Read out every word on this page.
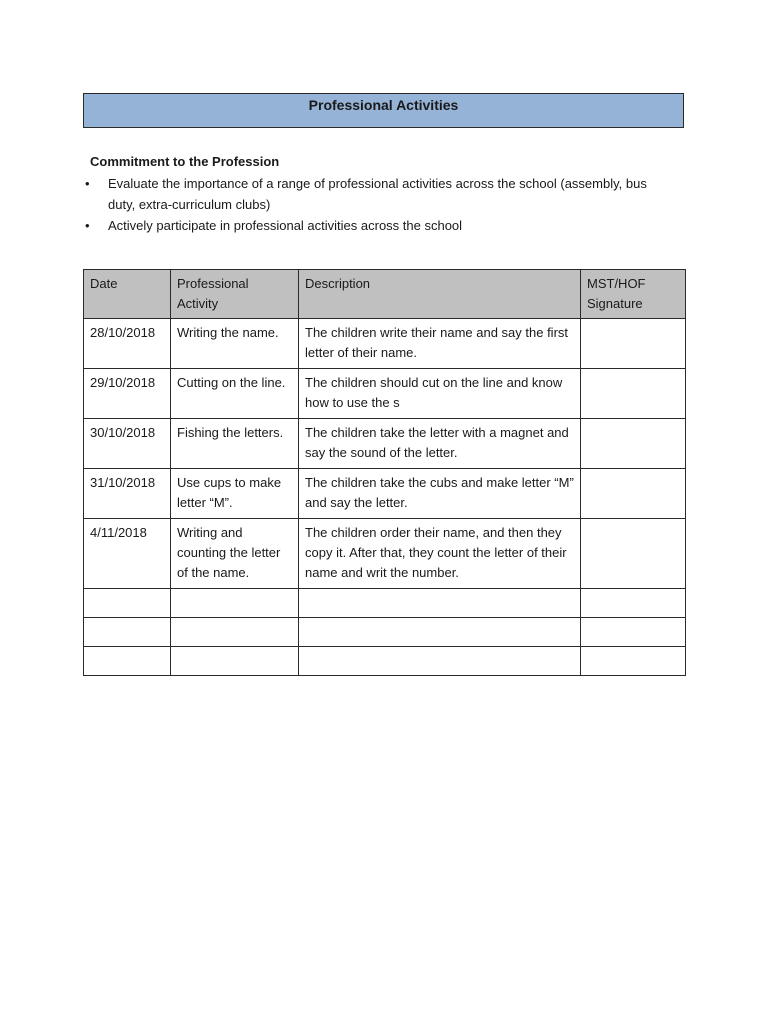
Professional Activities
Commitment to the Profession
• Evaluate the importance of a range of professional activities across the school (assembly, bus duty, extra-curriculum clubs)
• Actively participate in professional activities across the school
Date	Professional Activity	Description	MST/HOF Signature
28/10/2018	Writing the name.	The children write their name and say the first letter of their name.	
29/10/2018	Cutting on the line.	The children should cut on the line and know how to use the s	
30/10/2018	Fishing the letters.	The children take the letter with a magnet and say the sound of the letter.	
31/10/2018	Use cups to make letter “M”.	The children take the cubs and make letter “M” and say the letter.	
4/11/2018	Writing and counting the letter of the name.	The children order their name, and then they copy it. After that, they count the letter of their name and writ the number.	
